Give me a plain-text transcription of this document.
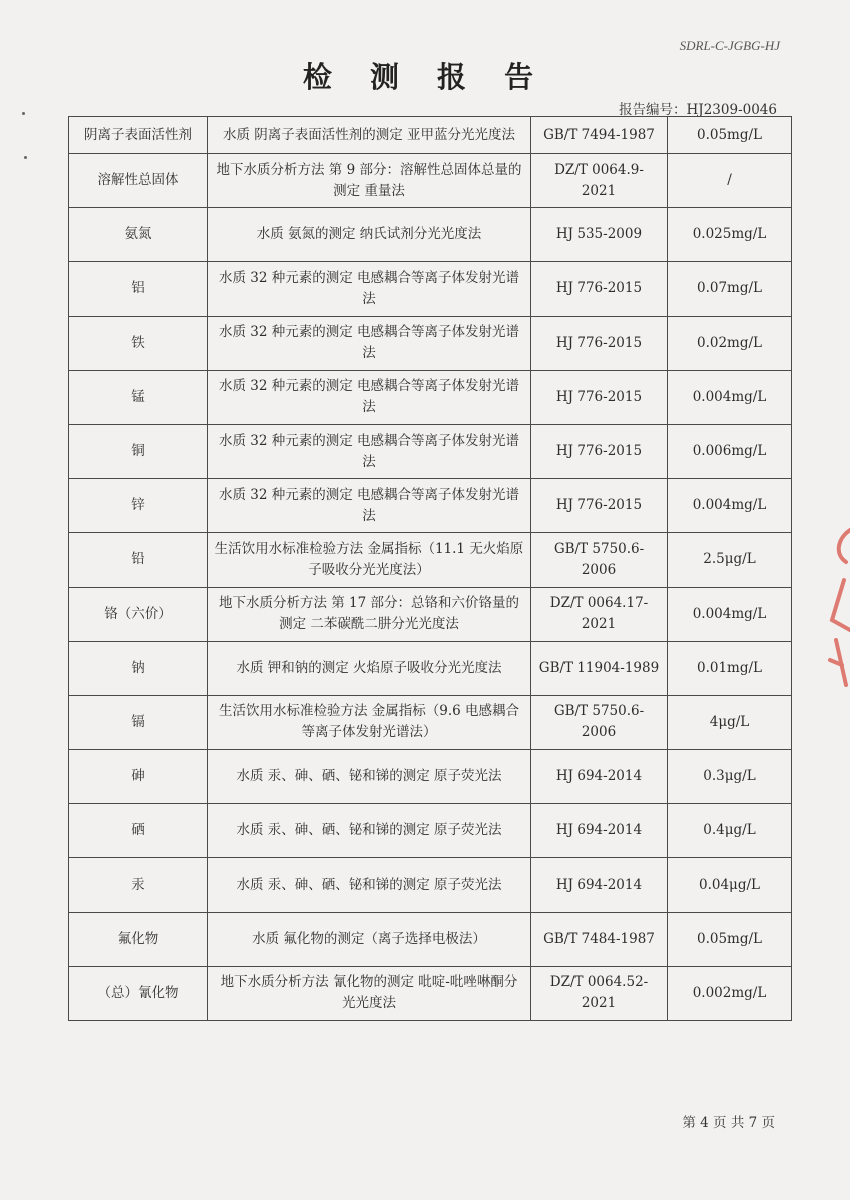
SDRL-C-JGBG-HJ
检 测 报 告
报告编号：HJ2309-0046
阴离子表面活性剂	水质 阴离子表面活性剂的测定 亚甲蓝分光光度法	GB/T 7494-1987	0.05mg/L
溶解性总固体	地下水质分析方法 第 9 部分：溶解性总固体总量的测定 重量法	DZ/T 0064.9-2021	/
氨氮	水质 氨氮的测定 纳氏试剂分光光度法	HJ 535-2009	0.025mg/L
铝	水质 32 种元素的测定 电感耦合等离子体发射光谱法	HJ 776-2015	0.07mg/L
铁	水质 32 种元素的测定 电感耦合等离子体发射光谱法	HJ 776-2015	0.02mg/L
锰	水质 32 种元素的测定 电感耦合等离子体发射光谱法	HJ 776-2015	0.004mg/L
铜	水质 32 种元素的测定 电感耦合等离子体发射光谱法	HJ 776-2015	0.006mg/L
锌	水质 32 种元素的测定 电感耦合等离子体发射光谱法	HJ 776-2015	0.004mg/L
铅	生活饮用水标准检验方法 金属指标（11.1 无火焰原子吸收分光光度法）	GB/T 5750.6-2006	2.5μg/L
铬（六价）	地下水质分析方法 第 17 部分：总铬和六价铬量的测定 二苯碳酰二肼分光光度法	DZ/T 0064.17-2021	0.004mg/L
钠	水质 钾和钠的测定 火焰原子吸收分光光度法	GB/T 11904-1989	0.01mg/L
镉	生活饮用水标准检验方法 金属指标（9.6 电感耦合等离子体发射光谱法）	GB/T 5750.6-2006	4μg/L
砷	水质 汞、砷、硒、铋和锑的测定 原子荧光法	HJ 694-2014	0.3μg/L
硒	水质 汞、砷、硒、铋和锑的测定 原子荧光法	HJ 694-2014	0.4μg/L
汞	水质 汞、砷、硒、铋和锑的测定 原子荧光法	HJ 694-2014	0.04μg/L
氟化物	水质 氟化物的测定（离子选择电极法）	GB/T 7484-1987	0.05mg/L
（总）氰化物	地下水质分析方法 氰化物的测定 吡啶-吡唑啉酮分光光度法	DZ/T 0064.52-2021	0.002mg/L
第 4 页 共 7 页
